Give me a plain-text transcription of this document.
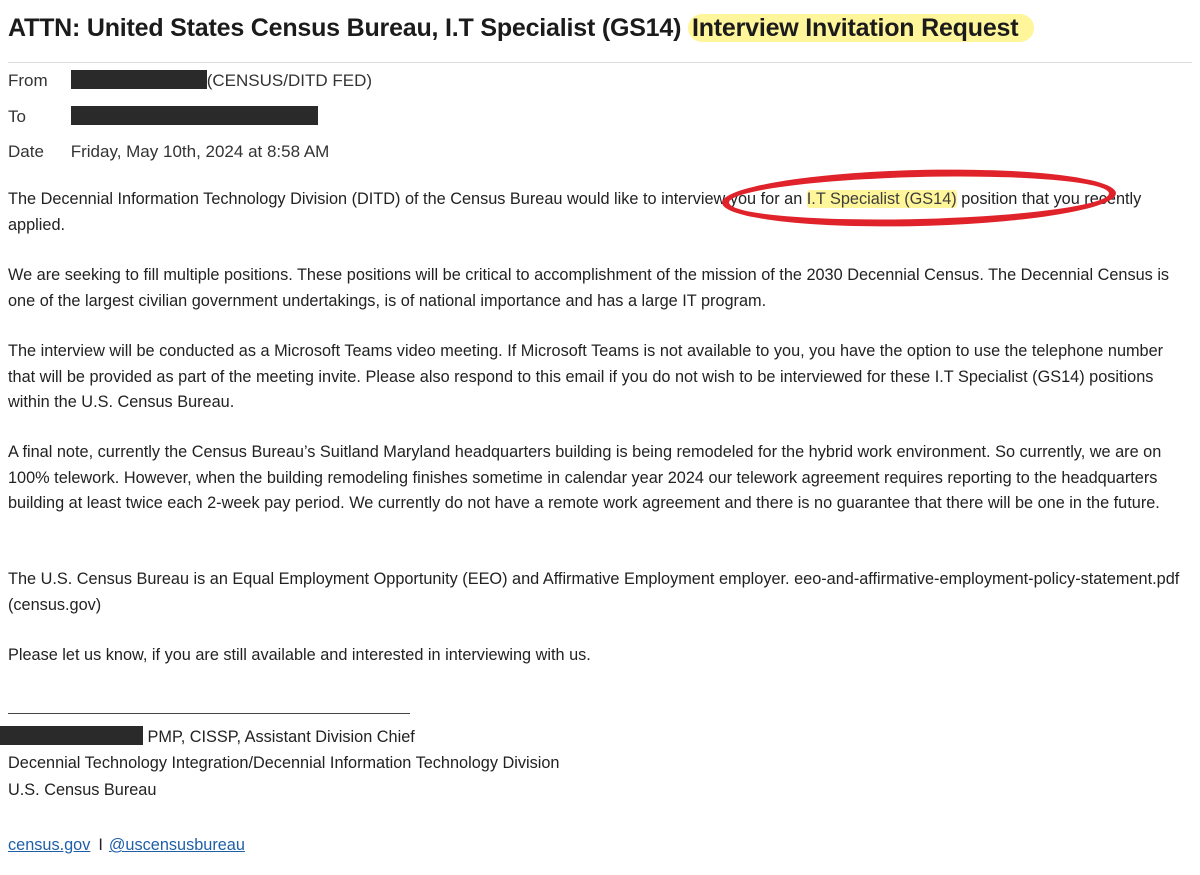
ATTN: United States Census Bureau, I.T Specialist (GS14) Interview Invitation Request
From	(CENSUS/DITD FED)
To
Date Friday, May 10th, 2024 at 8:58 AM

The Decennial Information Technology Division (DITD) of the Census Bureau would like to interview you for an I.T Specialist (GS14) position that you recently applied.

We are seeking to fill multiple positions. These positions will be critical to accomplishment of the mission of the 2030 Decennial Census. The Decennial Census is one of the largest civilian government undertakings, is of national importance and has a large IT program.

The interview will be conducted as a Microsoft Teams video meeting. If Microsoft Teams is not available to you, you have the option to use the telephone number that will be provided as part of the meeting invite. Please also respond to this email if you do not wish to be interviewed for these I.T Specialist (GS14) positions within the U.S. Census Bureau.

A final note, currently the Census Bureau’s Suitland Maryland headquarters building is being remodeled for the hybrid work environment. So currently, we are on 100% telework. However, when the building remodeling finishes sometime in calendar year 2024 our telework agreement requires reporting to the headquarters building at least twice each 2-week pay period. We currently do not have a remote work agreement and there is no guarantee that there will be one in the future.

The U.S. Census Bureau is an Equal Employment Opportunity (EEO) and Affirmative Employment employer. eeo-and-affirmative-employment-policy-statement.pdf (census.gov)

Please let us know, if you are still available and interested in interviewing with us.

PMP, CISSP, Assistant Division Chief
Decennial Technology Integration/Decennial Information Technology Division
U.S. Census Bureau
census.gov I @uscensusbureau
